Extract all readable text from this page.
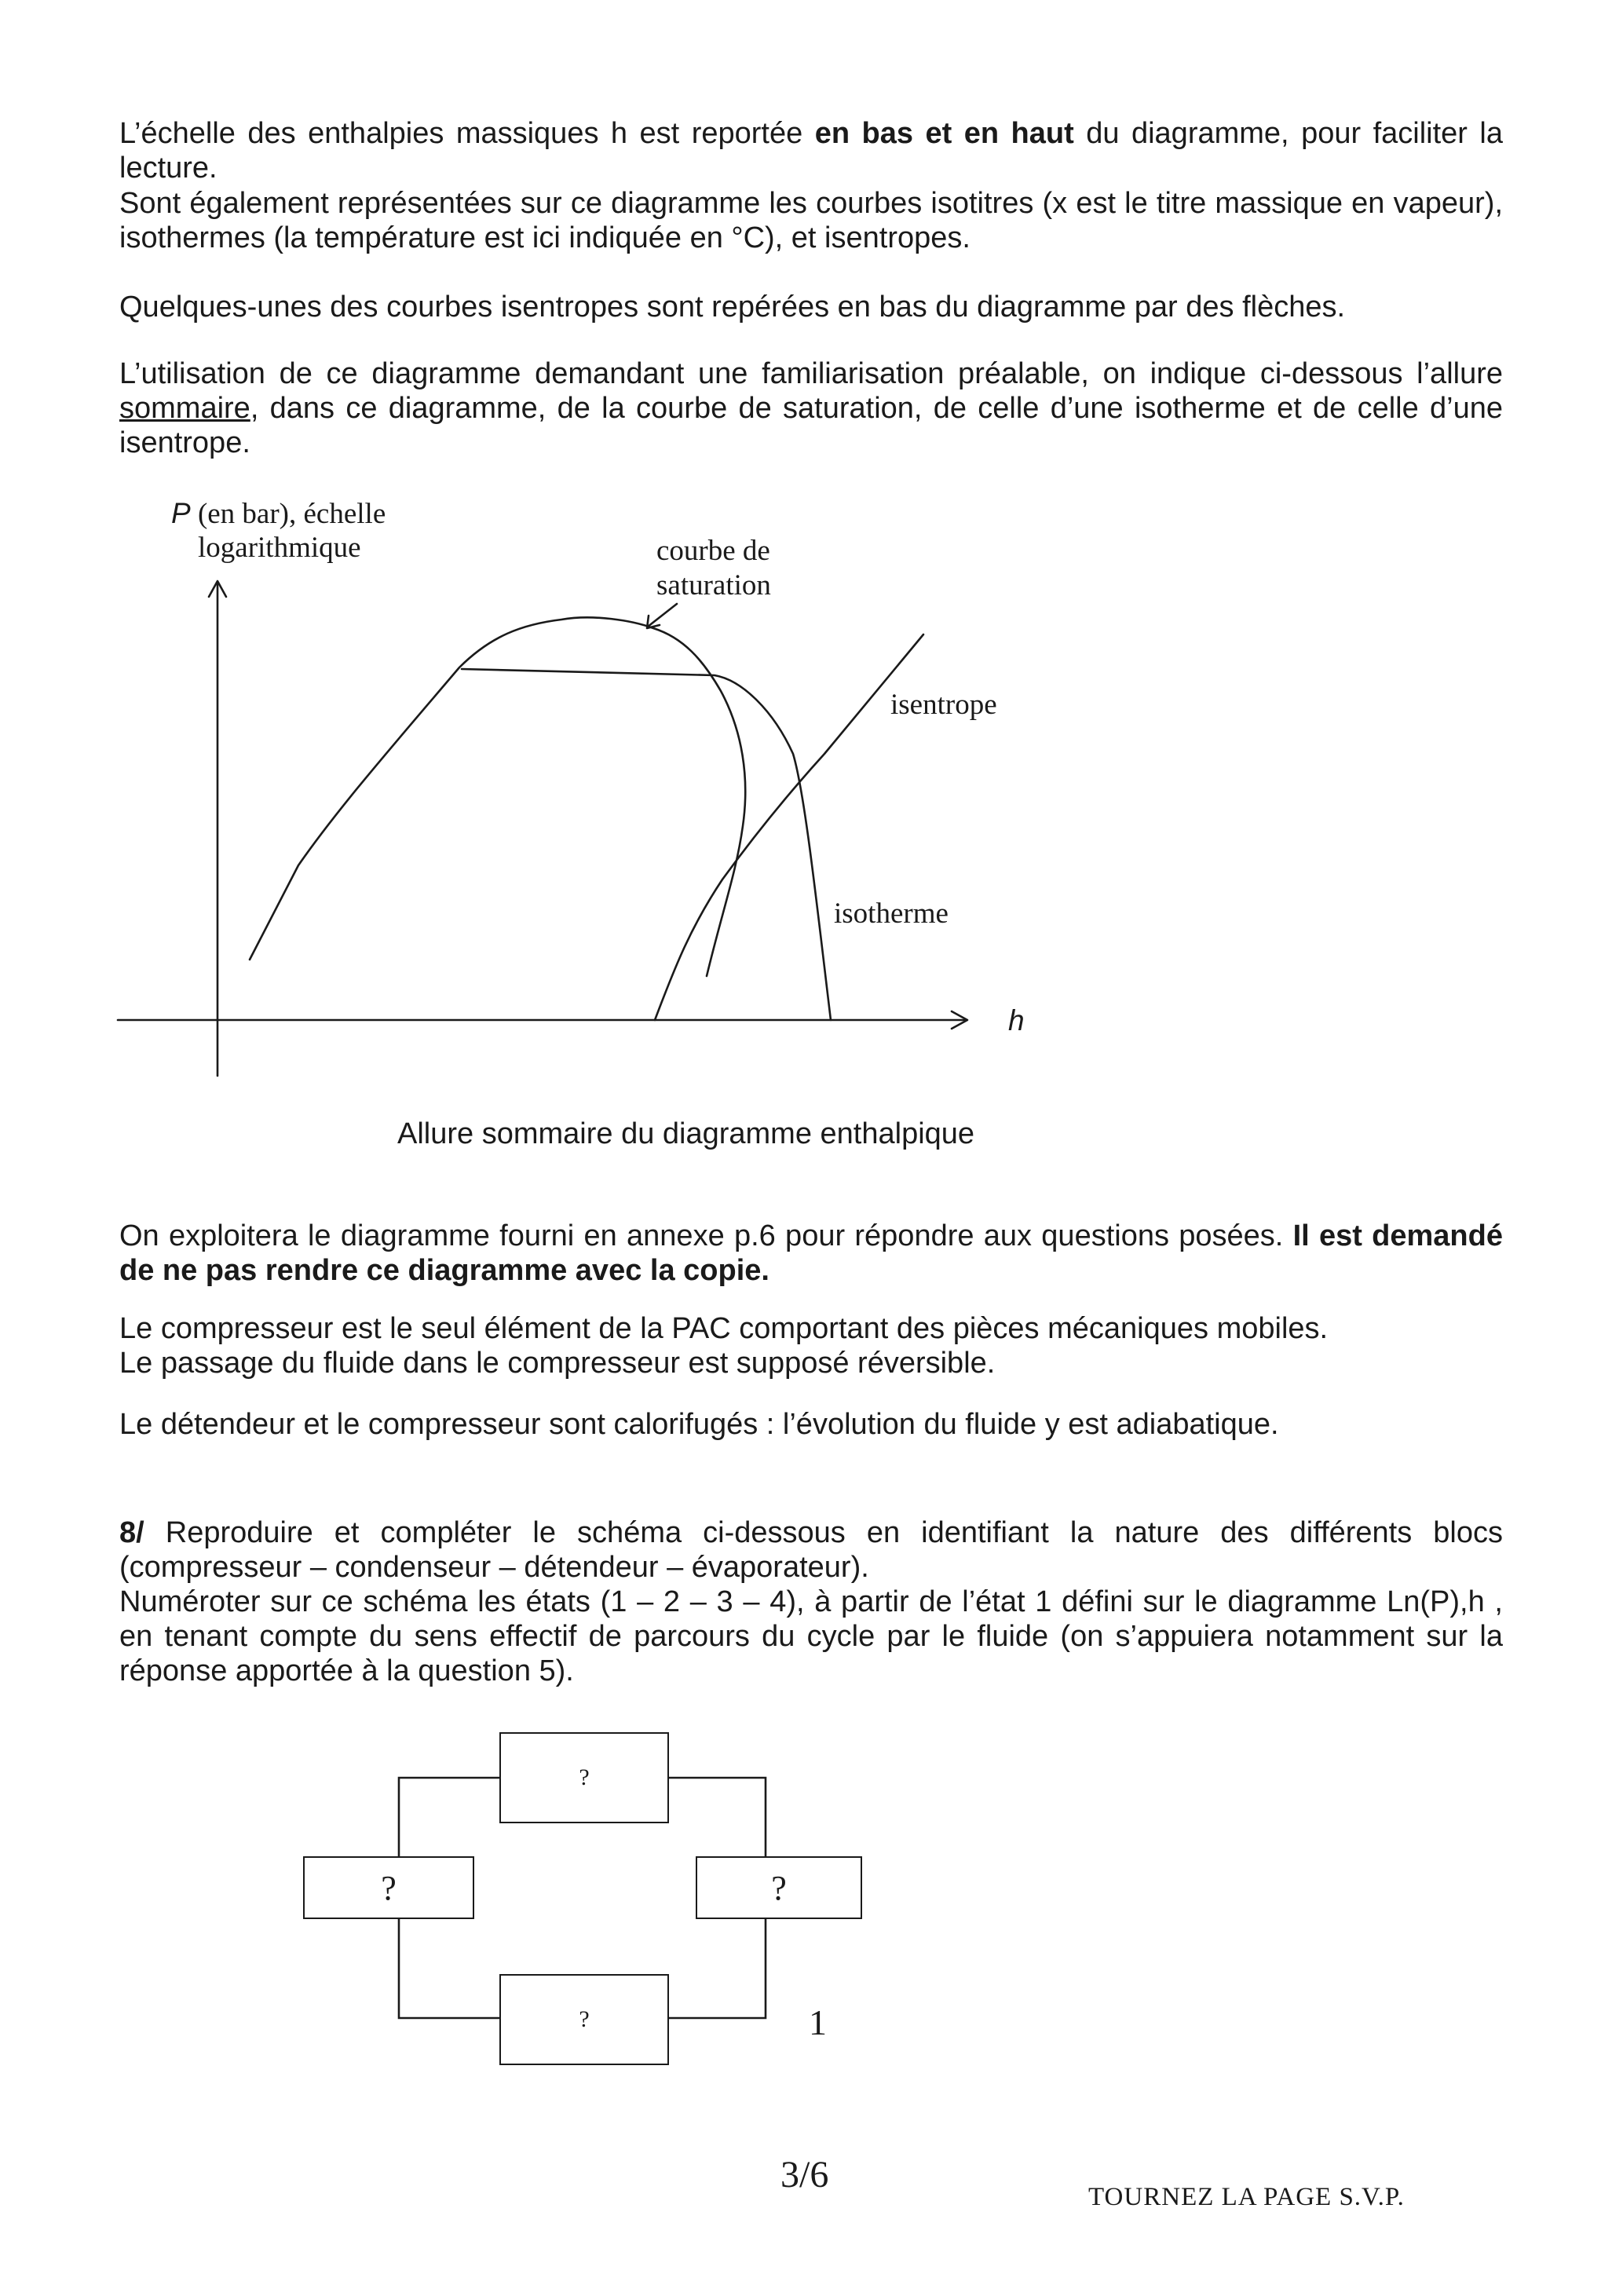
L’échelle des enthalpies massiques h est reportée en bas et en haut du diagramme, pour faciliter la lecture.

Sont également représentées sur ce diagramme les courbes isotitres (x est le titre massique en vapeur), isothermes (la température est ici indiquée en °C), et isentropes.

Quelques-unes des courbes isentropes sont repérées en bas du diagramme par des flèches.

L’utilisation de ce diagramme demandant une familiarisation préalable, on indique ci-dessous l’allure sommaire, dans ce diagramme, de la courbe de saturation, de celle d’une isotherme et de celle d’une isentrope.

P (en bar), échelle
logarithmique
h
courbe de
saturation
isentrope
isotherme
Allure sommaire du diagramme enthalpique

On exploitera le diagramme fourni en annexe p.6 pour répondre aux questions posées. Il est demandé de ne pas rendre ce diagramme avec la copie.

Le compresseur est le seul élément de la PAC comportant des pièces mécaniques mobiles.
Le passage du fluide dans le compresseur est supposé réversible.

Le détendeur et le compresseur sont calorifugés : l’évolution du fluide y est adiabatique.

8/ Reproduire et compléter le schéma ci-dessous en identifiant la nature des différents blocs (compresseur – condenseur – détendeur – évaporateur).

Numéroter sur ce schéma les états (1 – 2 – 3 – 4), à partir de l’état 1 défini sur le diagramme Ln(P),h , en tenant compte du sens effectif de parcours du cycle par le fluide (on s’appuiera notamment sur la réponse apportée à la question 5).

?
?	?
?	1
3/6
TOURNEZ LA PAGE S.V.P.
